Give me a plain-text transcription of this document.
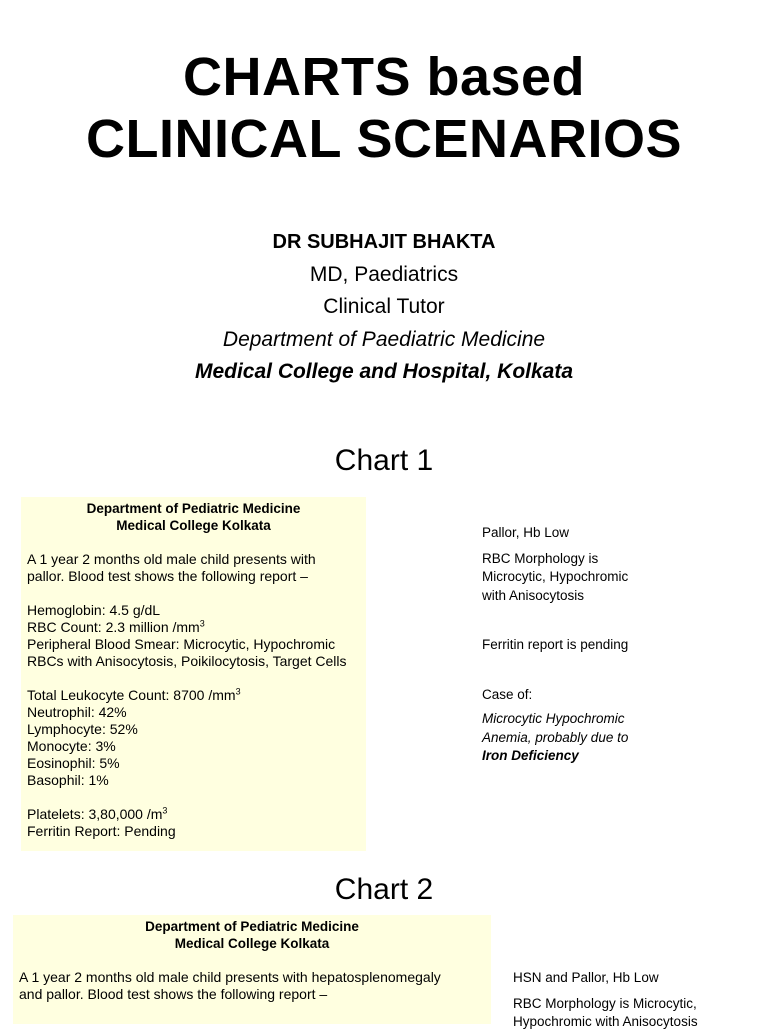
CHARTS based
CLINICAL SCENARIOS
DR SUBHAJIT BHAKTA
MD, Paediatrics
Clinical Tutor
Department of Paediatric Medicine
Medical College and Hospital, Kolkata
Chart 1
Department of Pediatric Medicine
Medical College Kolkata

A 1 year 2 months old male child presents with

pallor. Blood test shows the following report –

Hemoglobin: 4.5 g/dL

RBC Count: 2.3 million $/mm^3$

Peripheral Blood Smear: Microcytic, Hypochromic

RBCs with Anisocytosis, Poikilocytosis, Target Cells

Total Leukocyte Count: 8700 $/mm^3$

Neutrophil: 42%

Lymphocyte: 52%

Monocyte: 3%

Eosinophil: 5%

Basophil: 1%

Platelets: 3,80,000 $/m^3$

Ferritin Report: Pending

Pallor, Hb Low

RBC Morphology is

Microcytic, Hypochromic

with Anisocytosis

Ferritin report is pending

Case of:

Microcytic Hypochromic

Anemia, probably due to

Iron Deficiency

Chart 2
Department of Pediatric Medicine
Medical College Kolkata

A 1 year 2 months old male child presents with hepatosplenomegaly

and pallor. Blood test shows the following report –

HSN and Pallor, Hb Low

RBC Morphology is Microcytic,

Hypochromic with Anisocytosis
